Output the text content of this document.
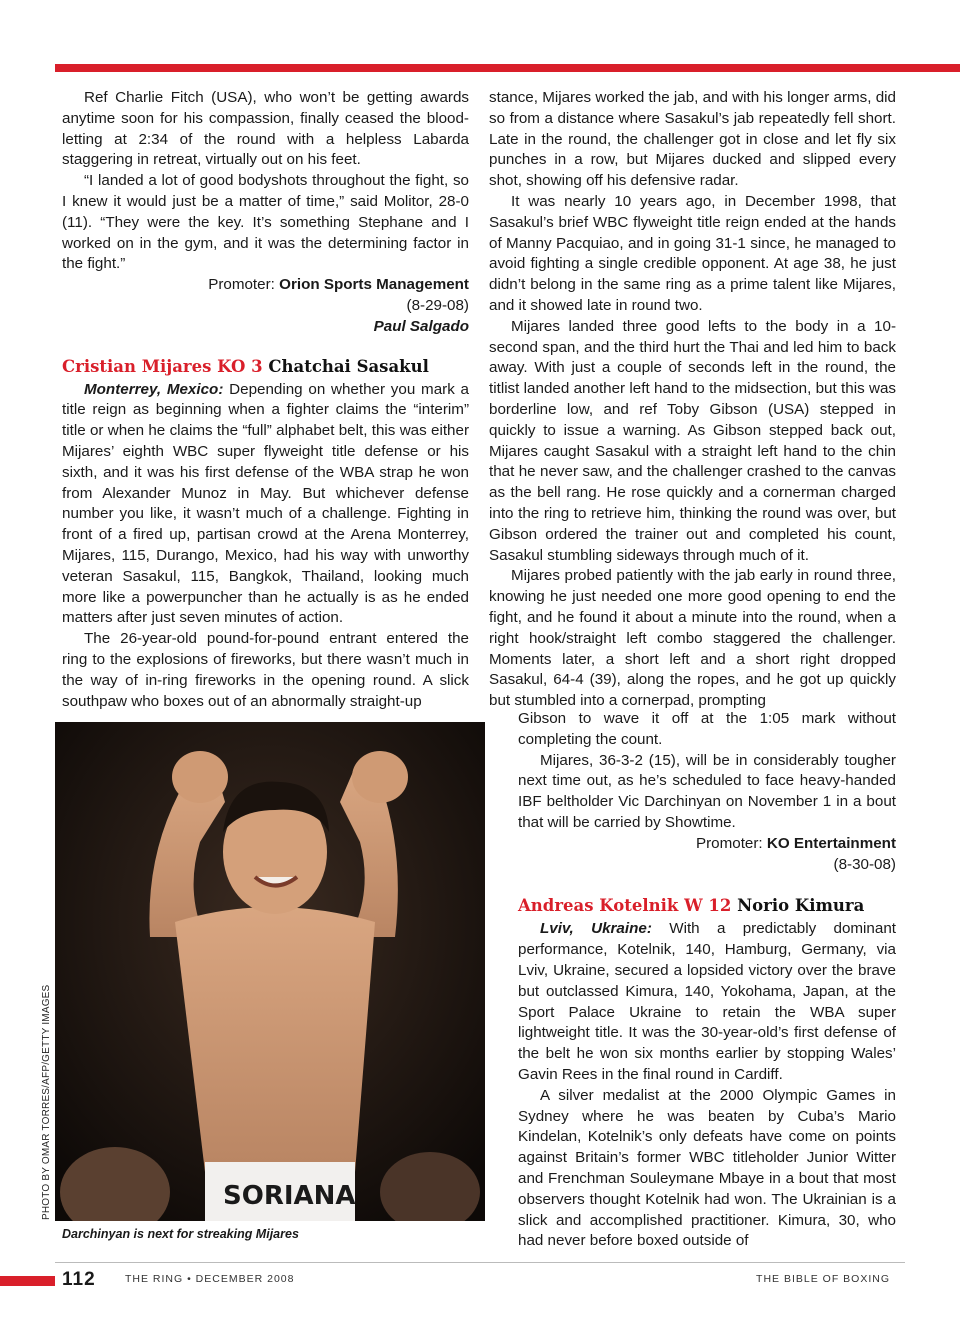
Ref Charlie Fitch (USA), who won’t be getting awards anytime soon for his compassion, finally ceased the blood-letting at 2:34 of the round with a helpless Labarda staggering in retreat, virtually out on his feet.

“I landed a lot of good bodyshots throughout the fight, so I knew it would just be a matter of time,” said Molitor, 28-0 (11). “They were the key. It’s something Stephane and I worked on in the gym, and it was the determining factor in the fight.”

Promoter: Orion Sports Management
(8-29-08)
Paul Salgado
Cristian Mijares KO 3 Chatchai Sasakul

Monterrey, Mexico: Depending on whether you mark a title reign as beginning when a fighter claims the “interim” title or when he claims the “full” alphabet belt, this was either Mijares’ eighth WBC super flyweight title defense or his sixth, and it was his first defense of the WBA strap he won from Alexander Munoz in May. But whichever defense number you like, it wasn’t much of a challenge. Fighting in front of a fired up, partisan crowd at the Arena Monterrey, Mijares, 115, Durango, Mexico, had his way with unworthy veteran Sasakul, 115, Bangkok, Thailand, looking much more like a powerpuncher than he actually is as he ended matters after just seven minutes of action.

The 26-year-old pound-for-pound entrant entered the ring to the explosions of fireworks, but there wasn’t much in the way of in-ring fireworks in the opening round. A slick southpaw who boxes out of an abnormally straight-up

SORIANA
PHOTO BY OMAR TORRES/AFP/GETTY IMAGES
Darchinyan is next for streaking Mijares

stance, Mijares worked the jab, and with his longer arms, did so from a distance where Sasakul’s jab repeatedly fell short. Late in the round, the challenger got in close and let fly six punches in a row, but Mijares ducked and slipped every shot, showing off his defensive radar.

It was nearly 10 years ago, in December 1998, that Sasakul’s brief WBC flyweight title reign ended at the hands of Manny Pacquiao, and in going 31-1 since, he managed to avoid fighting a single credible opponent. At age 38, he just didn’t belong in the same ring as a prime talent like Mijares, and it showed late in round two.

Mijares landed three good lefts to the body in a 10-second span, and the third hurt the Thai and led him to back away. With just a couple of seconds left in the round, the titlist landed another left hand to the midsection, but this was borderline low, and ref Toby Gibson (USA) stepped in quickly to issue a warning. As Gibson stepped back out, Mijares caught Sasakul with a straight left hand to the chin that he never saw, and the challenger crashed to the canvas as the bell rang. He rose quickly and a cornerman charged into the ring to retrieve him, thinking the round was over, but Gibson ordered the trainer out and completed his count, Sasakul stumbling sideways through much of it.

Mijares probed patiently with the jab early in round three, knowing he just needed one more good opening to end the fight, and he found it about a minute into the round, when a right hook/straight left combo staggered the challenger. Moments later, a short left and a short right dropped Sasakul, 64-4 (39), along the ropes, and he got up quickly but stumbled into a cornerpad, prompting

Gibson to wave it off at the 1:05 mark without completing the count.

Mijares, 36-3-2 (15), will be in considerably tougher next time out, as he’s scheduled to face heavy-handed IBF beltholder Vic Darchinyan on November 1 in a bout that will be carried by Showtime.

Promoter: KO Entertainment
(8-30-08)
Andreas Kotelnik W 12 Norio Kimura

Lviv, Ukraine: With a predictably dominant performance, Kotelnik, 140, Hamburg, Germany, via Lviv, Ukraine, secured a lopsided victory over the brave but outclassed Kimura, 140, Yokohama, Japan, at the Sport Palace Ukraine to retain the WBA super lightweight title. It was the 30-year-old’s first defense of the belt he won six months earlier by stopping Wales’ Gavin Rees in the final round in Cardiff.

A silver medalist at the 2000 Olympic Games in Sydney where he was beaten by Cuba’s Mario Kindelan, Kotelnik’s only defeats have come on points against Britain’s former WBC titleholder Junior Witter and Frenchman Souleymane Mbaye in a bout that most observers thought Kotelnik had won. The Ukrainian is a slick and accomplished practitioner. Kimura, 30, who had never before boxed outside of

112	THE RING • DECEMBER 2008	THE BIBLE OF BOXING
